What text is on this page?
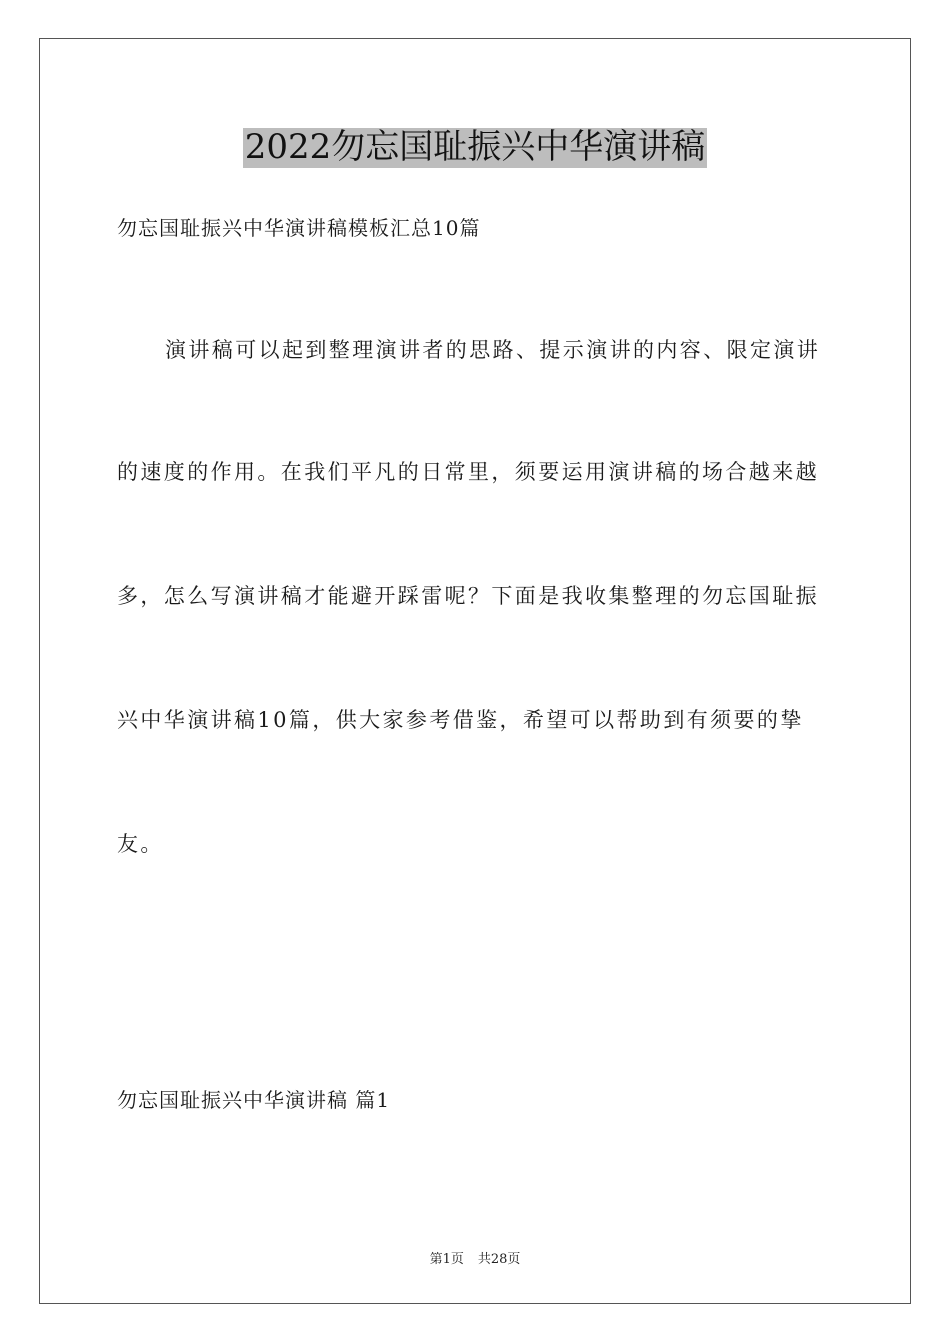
2022勿忘国耻振兴中华演讲稿
勿忘国耻振兴中华演讲稿模板汇总10篇
演讲稿可以起到整理演讲者的思路、提示演讲的内容、限定演讲
的速度的作用。在我们平凡的日常里，须要运用演讲稿的场合越来越
多，怎么写演讲稿才能避开踩雷呢？下面是我收集整理的勿忘国耻振
兴中华演讲稿10篇，供大家参考借鉴，希望可以帮助到有须要的挚
友。
勿忘国耻振兴中华演讲稿 篇1
第1页 共28页
